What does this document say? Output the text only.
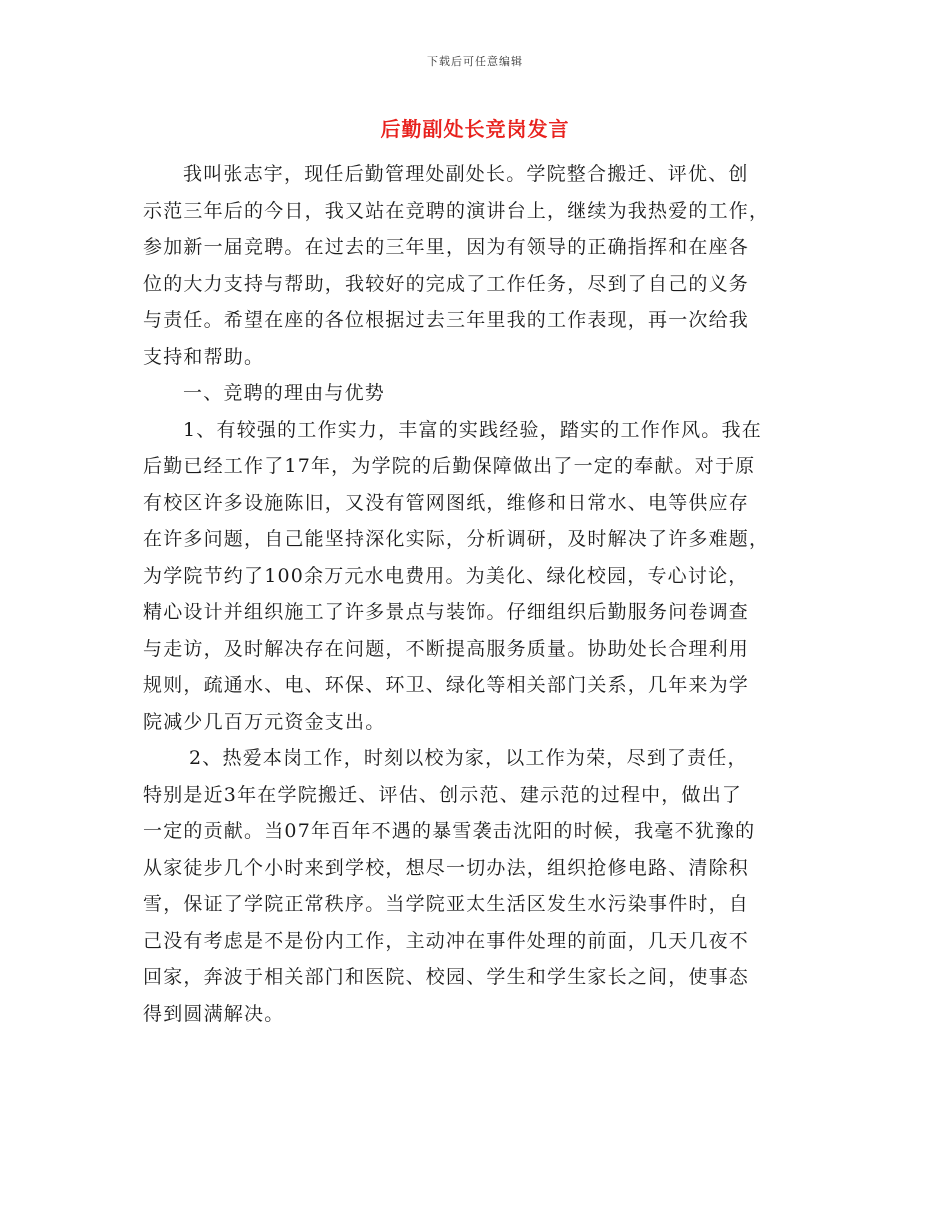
下载后可任意编辑
后勤副处长竞岗发言
我叫张志宇，现任后勤管理处副处长。学院整合搬迁、评优、创
示范三年后的今日，我又站在竞聘的演讲台上，继续为我热爱的工作，
参加新一届竞聘。在过去的三年里，因为有领导的正确指挥和在座各
位的大力支持与帮助，我较好的完成了工作任务，尽到了自己的义务
与责任。希望在座的各位根据过去三年里我的工作表现，再一次给我
支持和帮助。
一、竞聘的理由与优势
1、有较强的工作实力，丰富的实践经验，踏实的工作作风。我在
后勤已经工作了17年，为学院的后勤保障做出了一定的奉献。对于原
有校区许多设施陈旧，又没有管网图纸，维修和日常水、电等供应存
在许多问题，自己能坚持深化实际，分析调研，及时解决了许多难题，
为学院节约了100余万元水电费用。为美化、绿化校园，专心讨论，
精心设计并组织施工了许多景点与装饰。仔细组织后勤服务问卷调查
与走访，及时解决存在问题，不断提高服务质量。协助处长合理利用
规则，疏通水、电、环保、环卫、绿化等相关部门关系，几年来为学
院减少几百万元资金支出。
2、热爱本岗工作，时刻以校为家，以工作为荣，尽到了责任，
特别是近3年在学院搬迁、评估、创示范、建示范的过程中，做出了
一定的贡献。当07年百年不遇的暴雪袭击沈阳的时候，我毫不犹豫的
从家徒步几个小时来到学校，想尽一切办法，组织抢修电路、清除积
雪，保证了学院正常秩序。当学院亚太生活区发生水污染事件时，自
己没有考虑是不是份内工作，主动冲在事件处理的前面，几天几夜不
回家，奔波于相关部门和医院、校园、学生和学生家长之间，使事态
得到圆满解决。
